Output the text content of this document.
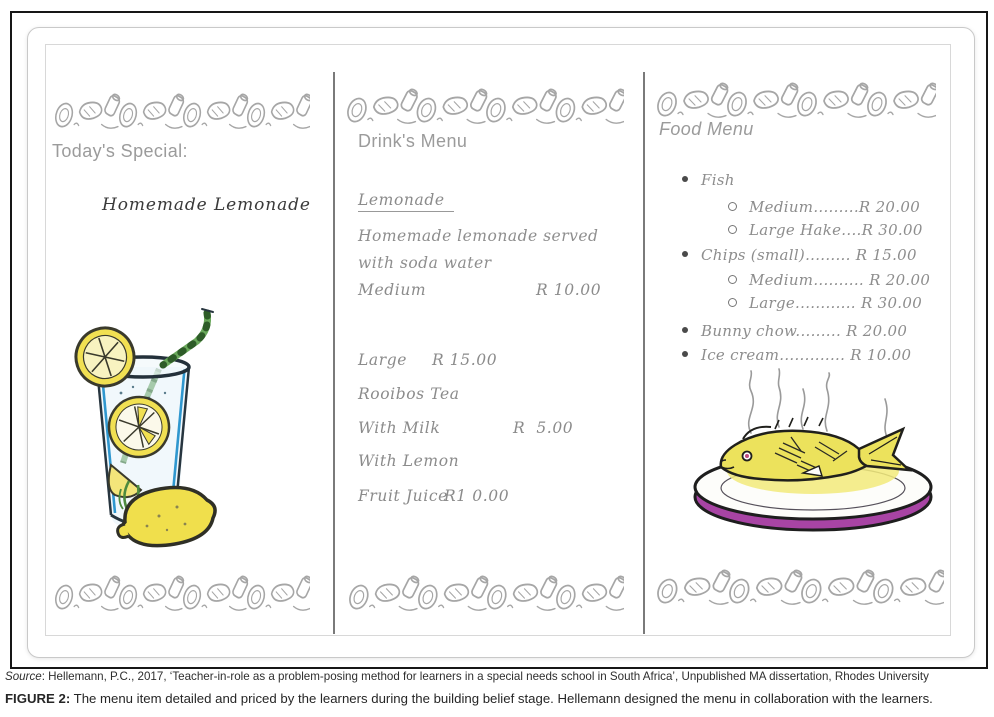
Today's Special:
Homemade Lemonade
Drink's Menu
Lemonade
Homemade lemonade served with soda water
Medium	R 10.00
Large R 15.00
Rooibos Tea
With Milk	R  5.00
With Lemon
Fruit Juice
R1 0.00
Food Menu
Fish
Medium.........R 20.00
Large Hake....R 30.00
Chips (small)......... R 15.00
Medium.......... R 20.00
Large............ R 30.00
Bunny chow......... R 20.00
Ice cream............. R 10.00
Source: Hellemann, P.C., 2017, ‘Teacher-in-role as a problem-posing method for learners in a special needs school in South Africa’, Unpublished MA dissertation, Rhodes University
FIGURE 2: The menu item detailed and priced by the learners during the building belief stage. Hellemann designed the menu in collaboration with the learners.
